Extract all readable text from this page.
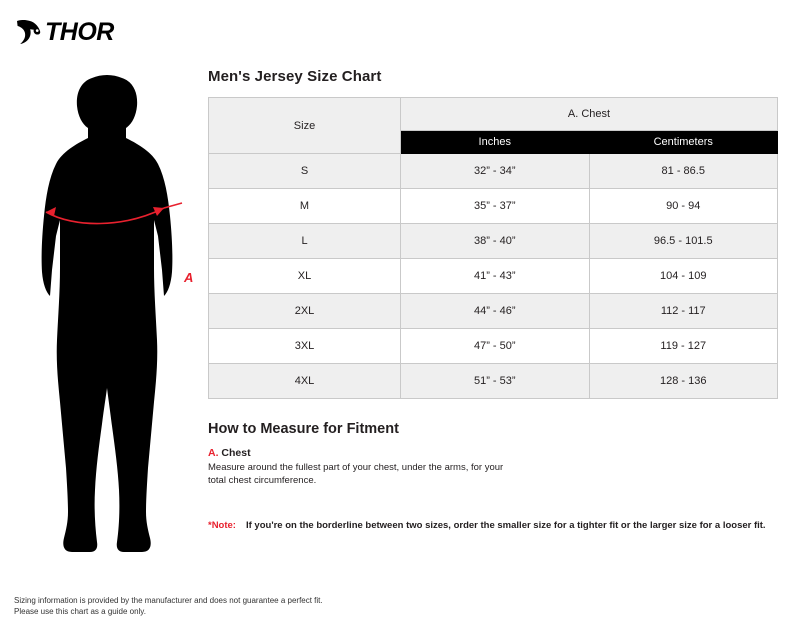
THOR
A
Men's Jersey Size Chart
Size	A. Chest	
	Inches	Centimeters
S	32” - 34”	81 - 86.5
M	35” - 37”	90 - 94
L	38” - 40”	96.5 - 101.5
XL	41” - 43”	104 - 109
2XL	44” - 46”	112 - 117
3XL	47” - 50”	119 - 127
4XL	51” - 53”	128 - 136
How to Measure for Fitment
A. Chest
Measure around the fullest part of your chest, under the arms, for your total chest circumference.
*Note: If you're on the borderline between two sizes, order the smaller size for a tighter fit or the larger size for a looser fit.
Sizing information is provided by the manufacturer and does not guarantee a perfect fit.
Please use this chart as a guide only.
